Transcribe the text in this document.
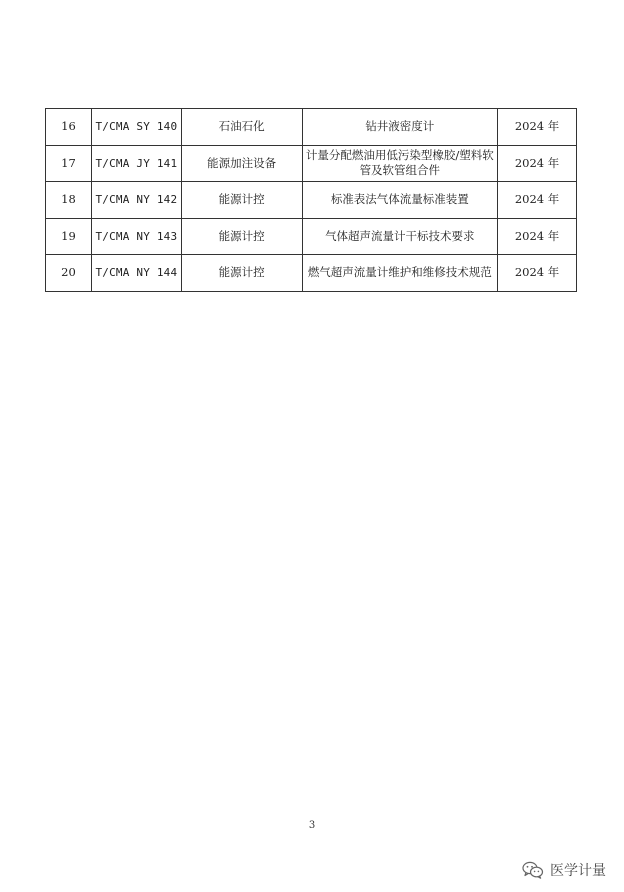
16	T/CMA SY 140	石油石化	钻井液密度计	2024 年
17	T/CMA JY 141	能源加注设备	计量分配燃油用低污染型橡胶/塑料软管及软管组合件	2024 年
18	T/CMA NY 142	能源计控	标准表法气体流量标准装置	2024 年
19	T/CMA NY 143	能源计控	气体超声流量计干标技术要求	2024 年
20	T/CMA NY 144	能源计控	燃气超声流量计维护和维修技术规范	2024 年
3
医学计量
